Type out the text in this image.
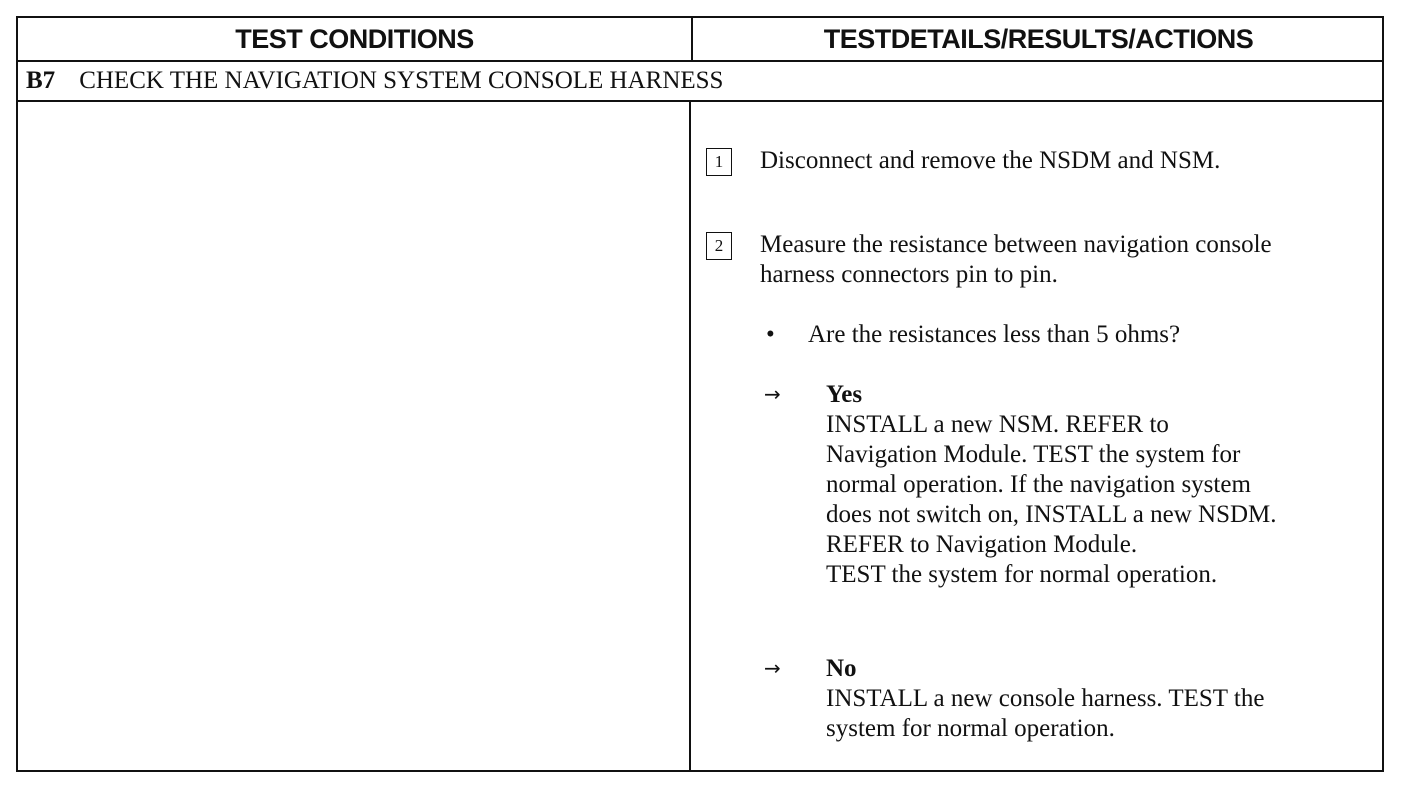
TEST CONDITIONS	TESTDETAILS/RESULTS/ACTIONS
B7 CHECK THE NAVIGATION SYSTEM CONSOLE HARNESS
1	Disconnect and remove the NSDM and NSM.
2	Measure the resistance between navigation console
harness connectors pin to pin.
• Are the resistances less than 5 ohms?
→ Yes
INSTALL a new NSM. REFER to
Navigation Module. TEST the system for
normal operation. If the navigation system
does not switch on, INSTALL a new NSDM.
REFER to Navigation Module.
TEST the system for normal operation.
→ No
INSTALL a new console harness. TEST the
system for normal operation.
